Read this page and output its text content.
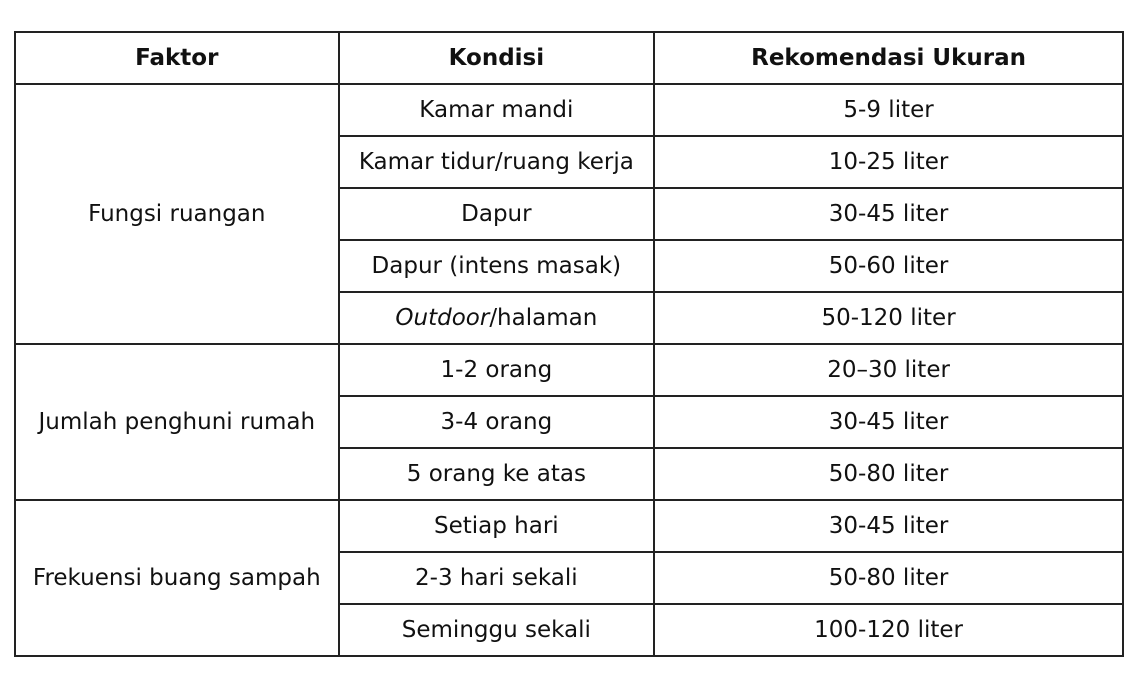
Faktor	Kondisi	Rekomendasi Ukuran
Fungsi ruangan	Kamar mandi	5-9 liter
	Kamar tidur/ruang kerja	10-25 liter
	Dapur	30-45 liter
	Dapur (intens masak)	50-60 liter
	Outdoor/halaman	50-120 liter
Jumlah penghuni rumah	1-2 orang	20–30 liter
	3-4 orang	30-45 liter
	5 orang ke atas	50-80 liter
Frekuensi buang sampah	Setiap hari	30-45 liter
	2-3 hari sekali	50-80 liter
	Seminggu sekali	100-120 liter
